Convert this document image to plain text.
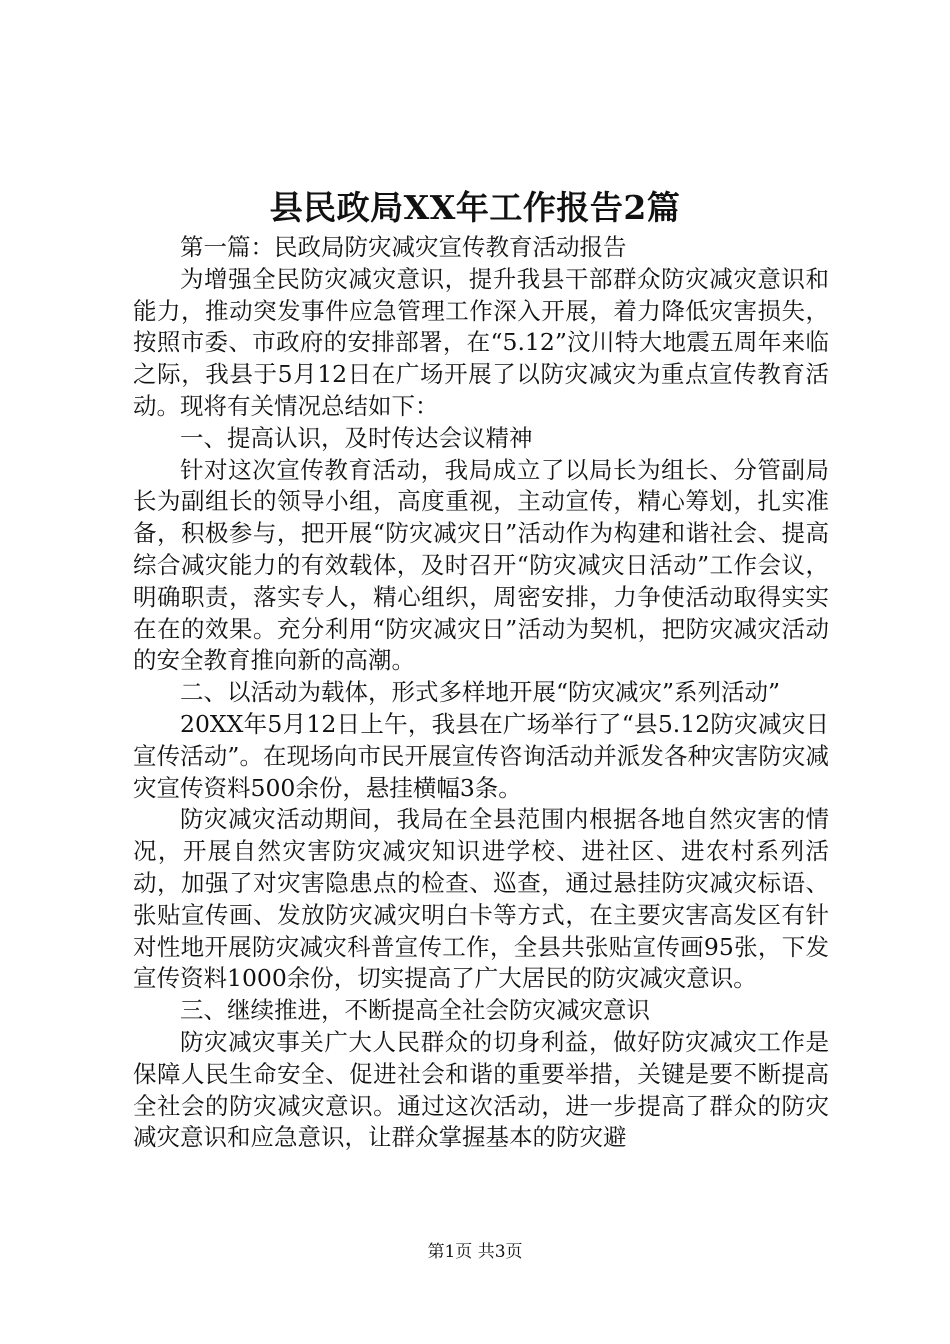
县民政局XX年工作报告2篇

第一篇：民政局防灾减灾宣传教育活动报告

为增强全民防灾减灾意识，提升我县干部群众防灾减灾意识和能力，推动突发事件应急管理工作深入开展，着力降低灾害损失，按照市委、市政府的安排部署，在“5.12”汶川特大地震五周年来临之际，我县于5月12日在广场开展了以防灾减灾为重点宣传教育活动。现将有关情况总结如下：

一、提高认识，及时传达会议精神

针对这次宣传教育活动，我局成立了以局长为组长、分管副局长为副组长的领导小组，高度重视，主动宣传，精心筹划，扎实准备，积极参与，把开展“防灾减灾日”活动作为构建和谐社会、提高综合减灾能力的有效载体，及时召开“防灾减灾日活动”工作会议，明确职责，落实专人，精心组织，周密安排，力争使活动取得实实在在的效果。充分利用“防灾减灾日”活动为契机，把防灾减灾活动的安全教育推向新的高潮。

二、以活动为载体，形式多样地开展“防灾减灾”系列活动”

20XX年5月12日上午，我县在广场举行了“县5.12防灾减灾日宣传活动”。在现场向市民开展宣传咨询活动并派发各种灾害防灾减灾宣传资料500余份，悬挂横幅3条。

防灾减灾活动期间，我局在全县范围内根据各地自然灾害的情况，开展自然灾害防灾减灾知识进学校、进社区、进农村系列活动，加强了对灾害隐患点的检查、巡查，通过悬挂防灾减灾标语、张贴宣传画、发放防灾减灾明白卡等方式，在主要灾害高发区有针对性地开展防灾减灾科普宣传工作，全县共张贴宣传画95张，下发宣传资料1000余份，切实提高了广大居民的防灾减灾意识。

三、继续推进，不断提高全社会防灾减灾意识

防灾减灾事关广大人民群众的切身利益，做好防灾减灾工作是保障人民生命安全、促进社会和谐的重要举措，关键是要不断提高全社会的防灾减灾意识。通过这次活动，进一步提高了群众的防灾减灾意识和应急意识，让群众掌握基本的防灾避

第1页 共3页
